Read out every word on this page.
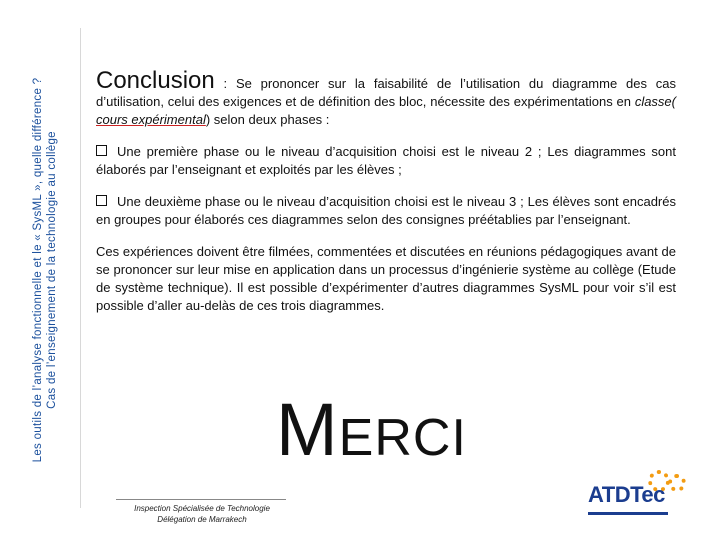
Les outils de l’analyse fonctionnelle et le « SysML », quelle différence ? Cas de l’enseignement de la technologie au collège

Conclusion : Se prononcer sur la faisabilité de l’utilisation du diagramme des cas d’utilisation, celui des exigences et de définition des bloc, nécessite des expérimentations en classe( cours expérimental) selon deux phases :

Une première phase ou le niveau d’acquisition choisi est le niveau 2 ; Les diagrammes sont élaborés par l’enseignant et exploités par les élèves ;

Une deuxième phase ou le niveau d’acquisition choisi est le niveau 3 ; Les élèves sont encadrés en groupes pour élaborés ces diagrammes selon des consignes préétablies par l’enseignant.

Ces expériences doivent être filmées, commentées et discutées en réunions pédagogiques avant de se prononcer sur leur mise en application dans un processus d’ingénierie système au collège (Etude de système technique). Il est possible d’expérimenter d’autres diagrammes SysML pour voir s’il est possible d’aller au-delàs de ces trois diagrammes.

MERCI
Inspection Spécialisée de Technologie
Délégation de Marrakech
ATDTec
